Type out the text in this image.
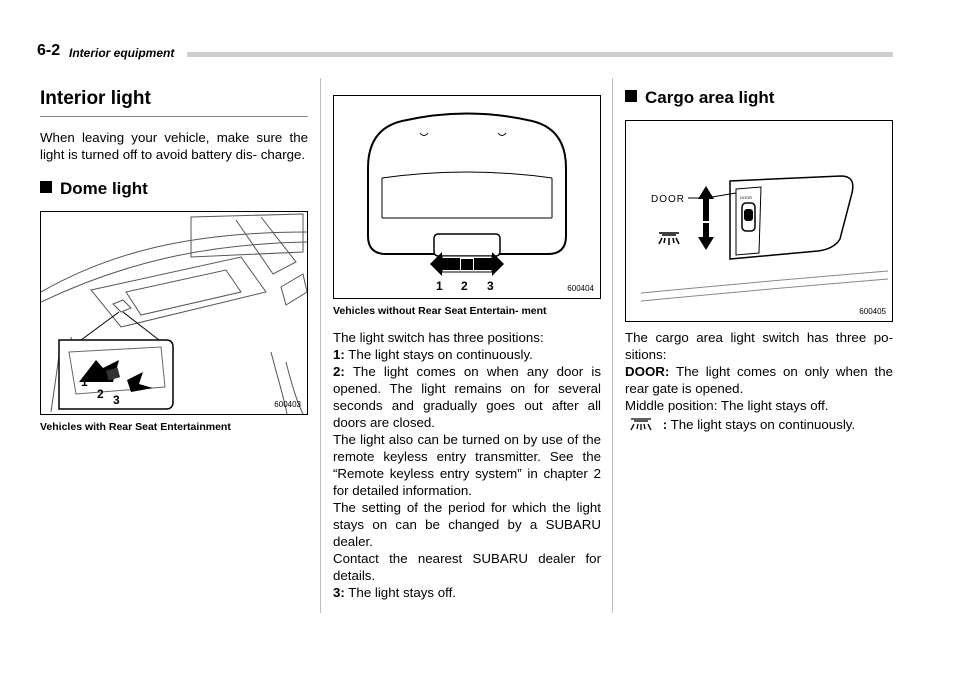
6-2 Interior equipment
Interior light

When leaving your vehicle, make sure the light is turned off to avoid battery dis- charge.

Dome light
1
2 3	600403
Vehicles with Rear Seat Entertainment
1 2 3	600404
Vehicles without Rear Seat Entertain- ment

The light switch has three positions:

1: The light stays on continuously.

2: The light comes on when any door is opened. The light remains on for several seconds and gradually goes out after all doors are closed.

The light also can be turned on by use of the remote keyless entry transmitter. See the “Remote keyless entry system” in chapter 2 for detailed information.

The setting of the period for which the light stays on can be changed by a SUBARU dealer.

Contact the nearest SUBARU dealer for details.

3: The light stays off.

Cargo area light
DOOR
DOOR
600405

The cargo area light switch has three po- sitions:

DOOR: The light comes on only when the rear gate is opened.

Middle position: The light stays off.

: The light stays on continuously.
